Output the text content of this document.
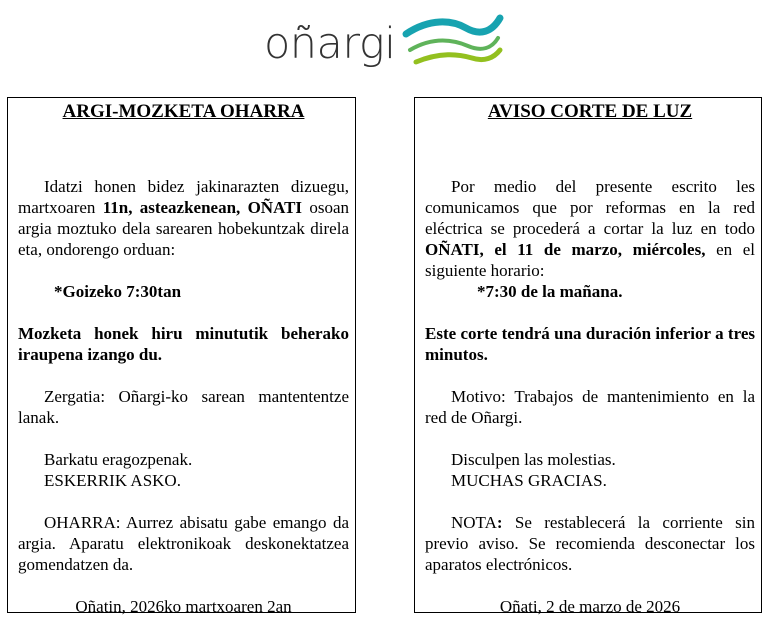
oñargi
ARGI-MOZKETA OHARRA

Idatzi honen bidez jakinarazten dizuegu, martxoaren 11n, asteazkenean, OÑATI osoan argia moztuko dela sarearen hobekuntzak direla eta, ondorengo orduan:

*Goizeko 7:30tan

Mozketa honek hiru minututik beherako iraupena izango du.

Zergatia: Oñargi-ko sarean mantententze lanak.

Barkatu eragozpenak.

ESKERRIK ASKO.

OHARRA: Aurrez abisatu gabe emango da argia. Aparatu elektronikoak deskonektatzea gomendatzen da.

Oñatin, 2026ko martxoaren 2an

AVISO CORTE DE LUZ

Por medio del presente escrito les comunicamos que por reformas en la red eléctrica se procederá a cortar la luz en todo OÑATI, el 11 de marzo, miércoles, en el siguiente horario:

*7:30 de la mañana.

Este corte tendrá una duración inferior a tres minutos.

Motivo: Trabajos de mantenimiento en la red de Oñargi.

Disculpen las molestias.

MUCHAS GRACIAS.

NOTA: Se restablecerá la corriente sin previo aviso. Se recomienda desconectar los aparatos electrónicos.

Oñati, 2 de marzo de 2026
